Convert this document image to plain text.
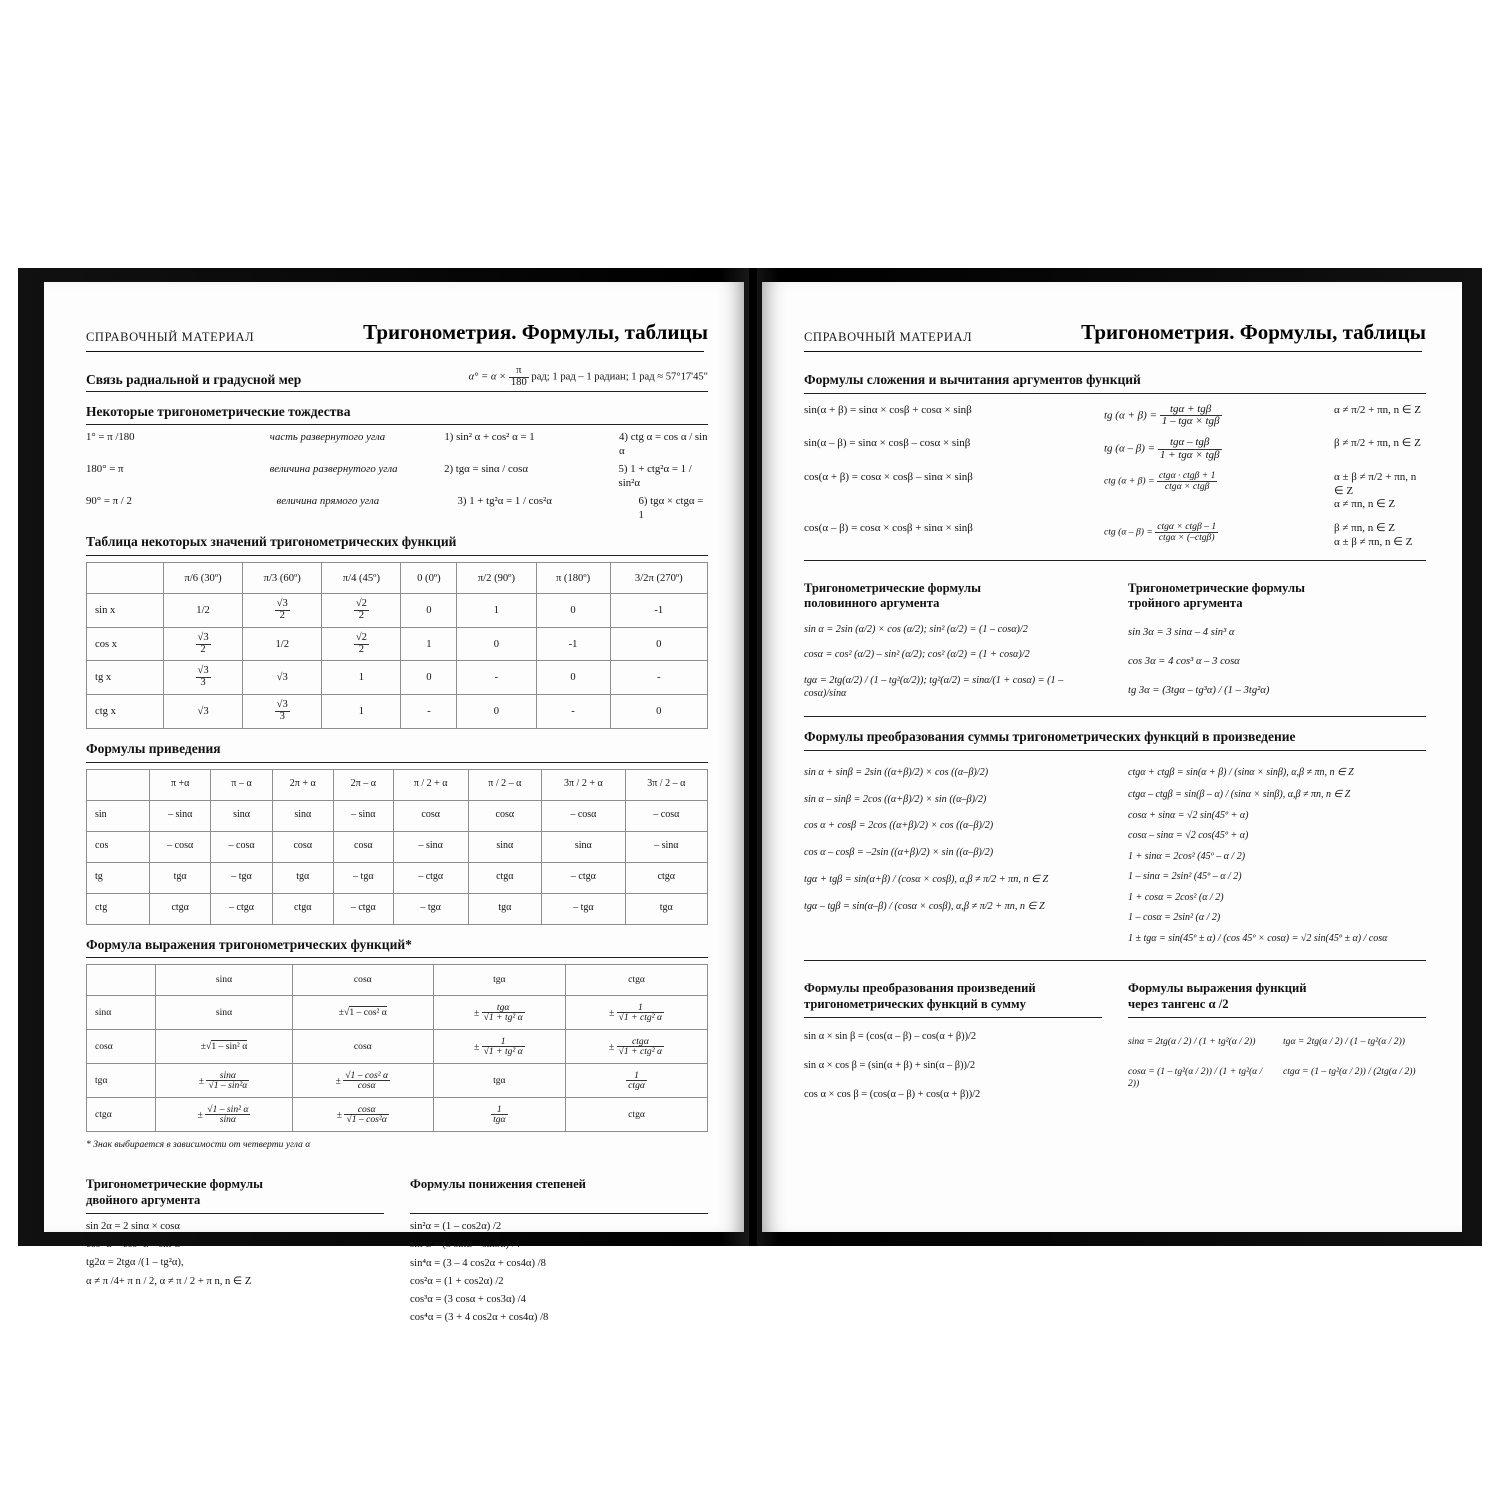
СПРАВОЧНЫЙ МАТЕРИАЛ	Тригонометрия. Формулы, таблицы
Связь радиальной и градусной мер	$\alpha^\circ = \alpha \times \frac{\pi}{180}$ рад; 1 рад – 1 радиан; 1 рад ≈ 57°17'45"
Некоторые тригонометрические тождества
1° = π /180	часть развернутого угла	1) sin² α + cos² α = 1	4) ctg α = cos α / sin α
180° = π	величина развернутого угла	2) tgα = sinα / cosα	5) 1 + ctg²α = 1 / sin²α
90° = π / 2	величина прямого угла	3) 1 + tg²α = 1 / cos²α	6) tgα × ctgα = 1
Таблица некоторых значений тригонометрических функций
	π/6 (30º)	π/3 (60º)	π/4 (45º)	0 (0º)	π/2 (90º)	π (180º)	3/2π (270º)
sin x	1/2	$\frac{√3}{2}$	$\frac{√2}{2}$	0	1	0	-1
cos x	$\frac{√3}{2}$	1/2	$\frac{√2}{2}$	1	0	-1	0
tg x	$\frac{√3}{3}$	√3	1	0	-	0	-
ctg x	√3	$\frac{√3}{3}$	1	-	0	-	0
Формулы приведения
	π +α	π – α	2π + α	2π – α	π / 2 + α	π / 2 – α	3π / 2 + α	3π / 2 – α
sin	– sinα	sinα	sinα	– sinα	cosα	cosα	– cosα	– cosα
cos	– cosα	– cosα	cosα	cosα	– sinα	sinα	sinα	– sinα
tg	tgα	– tgα	tgα	– tgα	– ctgα	ctgα	– ctgα	ctgα
ctg	ctgα	– ctgα	ctgα	– ctgα	– tgα	tgα	– tgα	tgα
Формула выражения тригонометрических функций*
	sinα	cosα	tgα	ctgα
sinα	sinα	±√1 – cos² α	± $\frac{\text{tgα}}{\text{√1 + tg² α}}$	± $\frac{1}{\text{√1 + ctg² α}}$

cosα	±√1 – sin² α	cosα	± $\frac{1}{\text{√1 + tg² α}}$	± $\frac{\text{ctgα}}{\text{√1 + ctg² α}}$

tgα	± $\frac{\sin\alpha}{\text{√1 – sin²α}}$	± $\frac{\text{√1 – cos² α}}{\cos\alpha}$	tgα	$\frac{1}{\text{ctgα}}$

ctgα	± $\frac{\text{√1 – sin² α}}{\sin\alpha}$	± $\frac{\cos\alpha}{\text{√1 – cos²α}}$	$\frac{1}{\text{tgα}}$	ctgα
* Знак выбирается в зависимости от четверти угла α
Тригонометрические формулы
двойного аргумента
sin 2α = 2 sinα × cosα
cos² α = cos² α – sin²α
tg2α = 2tgα /(1 – tg²α),
α ≠ π /4+ π n / 2, α ≠ π / 2 + π n, n ∈ Z
Формулы понижения степеней
sin²α = (1 – cos2α) /2
sin³α = (3 sinα – sin3α) /4
sin⁴α = (3 – 4 cos2α + cos4α) /8
cos²α = (1 + cos2α) /2
cos³α = (3 cosα + cos3α) /4
cos⁴α = (3 + 4 cos2α + cos4α) /8
СПРАВОЧНЫЙ МАТЕРИАЛ	Тригонометрия. Формулы, таблицы
Формулы сложения и вычитания аргументов функций
sin(α + β) = sinα × cosβ + cosα × sinβ	tg $(\alpha + \beta) = \frac{\text{tgα + tgβ}}{\text{1 – tgα × tgβ}}$	α ≠ π/2 + πn, n ∈ Z
sin(α – β) = sinα × cosβ – cosα × sinβ	tg $(\alpha - \beta) = \frac{\text{tgα – tgβ}}{\text{1 + tgα × tgβ}}$	β ≠ π/2 + πn, n ∈ Z
cos(α + β) = cosα × cosβ – sinα × sinβ	ctg $(\alpha + \beta) = \frac{\text{ctgα · ctgβ + 1}}{\text{ctgα × ctgβ}}$	α ± β ≠ π/2 + πn, n ∈ Z
α ≠ πn, n ∈ Z
cos(α – β) = cosα × cosβ + sinα × sinβ	ctg $(\alpha - \beta) = \frac{\text{ctgα × ctgβ – 1}}{\text{ctgα × (–ctgβ)}}$	β ≠ πn, n ∈ Z
α ± β ≠ πn, n ∈ Z
Тригонометрические формулы
половинного аргумента
sin α = 2sin (α/2) × cos (α/2); sin² (α/2) = (1 – cosα)/2
cosα = cos² (α/2) – sin² (α/2); cos² (α/2) = (1 + cosα)/2
tgα = 2tg(α/2) / (1 – tg²(α/2)); tg²(α/2) = sinα/(1 + cosα) = (1 – cosα)/sinα
Тригонометрические формулы
тройного аргумента
sin 3α = 3 sinα – 4 sin³ α
cos 3α = 4 cos³ α – 3 cosα
tg 3α = (3tgα – tg³α) / (1 – 3tg²α)
Формулы преобразования суммы тригонометрических функций в произведение
sin α + sinβ = 2sin ((α+β)/2) × cos ((α–β)/2)
sin α – sinβ = 2cos ((α+β)/2) × sin ((α–β)/2)
cos α + cosβ = 2cos ((α+β)/2) × cos ((α–β)/2)
cos α – cosβ = –2sin ((α+β)/2) × sin ((α–β)/2)
tgα + tgβ = sin(α+β) / (cosα × cosβ), α,β ≠ π/2 + πn, n ∈ Z
tgα – tgβ = sin(α–β) / (cosα × cosβ), α,β ≠ π/2 + πn, n ∈ Z
ctgα + ctgβ = sin(α + β) / (sinα × sinβ), α,β ≠ πn, n ∈ Z
ctgα – ctgβ = sin(β – α) / (sinα × sinβ), α,β ≠ πn, n ∈ Z
cosα + sinα = √2 sin(45º + α)
cosα – sinα = √2 cos(45º + α)
1 + sinα = 2cos² (45º – α / 2)
1 – sinα = 2sin² (45º – α / 2)
1 + cosα = 2cos² (α / 2)
1 – cosα = 2sin² (α / 2)
1 ± tgα = sin(45º ± α) / (cos 45º × cosα) = √2 sin(45º ± α) / cosα
Формулы преобразования произведений
тригонометрических функций в сумму
sin α × sin β = (cos(α – β) – cos(α + β))/2
sin α × cos β = (sin(α + β) + sin(α – β))/2
cos α × cos β = (cos(α – β) + cos(α + β))/2
Формулы выражения функций
через тангенс α /2
sinα = 2tg(α / 2) / (1 + tg²(α / 2))
cosα = (1 – tg²(α / 2)) / (1 + tg²(α / 2))
tgα = 2tg(α / 2) / (1 – tg²(α / 2))
ctgα = (1 – tg²(α / 2)) / (2tg(α / 2))
